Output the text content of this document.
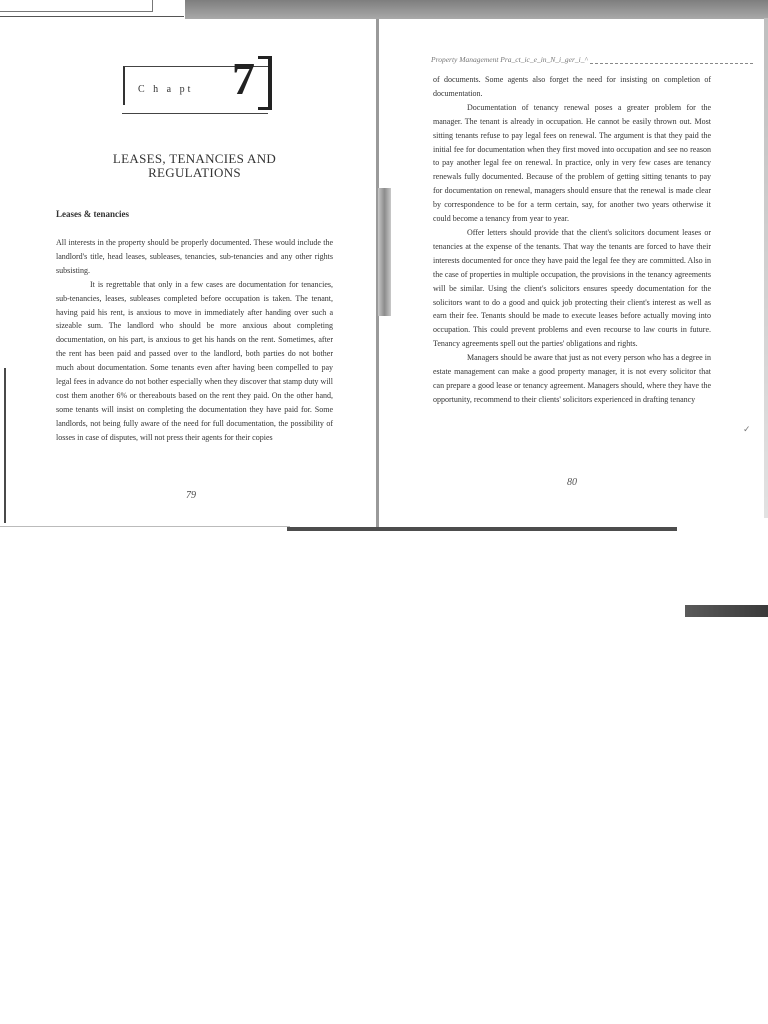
✓
C h a pt 7
LEASES, TENANCIES AND
REGULATIONS
Leases & tenancies

All interests in the property should be properly documented. These would include the landlord's title, head leases, subleases, tenancies, sub-tenancies and any other rights subsisting.

It is regrettable that only in a few cases are documentation for tenancies, sub-tenancies, leases, subleases completed before occupation is taken. The tenant, having paid his rent, is anxious to move in immediately after handing over such a sizeable sum. The landlord who should be more anxious about completing documentation, on his part, is anxious to get his hands on the rent. Sometimes, after the rent has been paid and passed over to the landlord, both parties do not bother much about documentation. Some tenants even after having been compelled to pay legal fees in advance do not bother especially when they discover that stamp duty will cost them another 6% or thereabouts based on the rent they paid. On the other hand, some tenants will insist on completing the documentation they have paid for. Some landlords, not being fully aware of the need for full documentation, the possibility of losses in case of disputes, will not press their agents for their copies

79
Property Management Pra_ct_ic_e_in_N_i_ger_i_^

of documents. Some agents also forget the need for insisting on completion of documentation.

Documentation of tenancy renewal poses a greater problem for the manager. The tenant is already in occupation. He cannot be easily thrown out. Most sitting tenants refuse to pay legal fees on renewal. The argument is that they paid the initial fee for documentation when they first moved into occupation and see no reason to pay another legal fee on renewal. In practice, only in very few cases are tenancy renewals fully documented. Because of the problem of getting sitting tenants to pay for documentation on renewal, managers should ensure that the renewal is made clear by correspondence to be for a term certain, say, for another two years otherwise it could become a tenancy from year to year.

Offer letters should provide that the client's solicitors document leases or tenancies at the expense of the tenants. That way the tenants are forced to have their interests documented for once they have paid the legal fee they are committed. Also in the case of properties in multiple occupation, the provisions in the tenancy agreements will be similar. Using the client's solicitors ensures speedy documentation for the solicitors want to do a good and quick job protecting their client's interest as well as earn their fee. Tenants should be made to execute leases before actually moving into occupation. This could prevent problems and even recourse to law courts in future. Tenancy agreements spell out the parties' obligations and rights.

Managers should be aware that just as not every person who has a degree in estate management can make a good property manager, it is not every solicitor that can prepare a good lease or tenancy agreement. Managers should, where they have the opportunity, recommend to their clients' solicitors experienced in drafting tenancy

80
